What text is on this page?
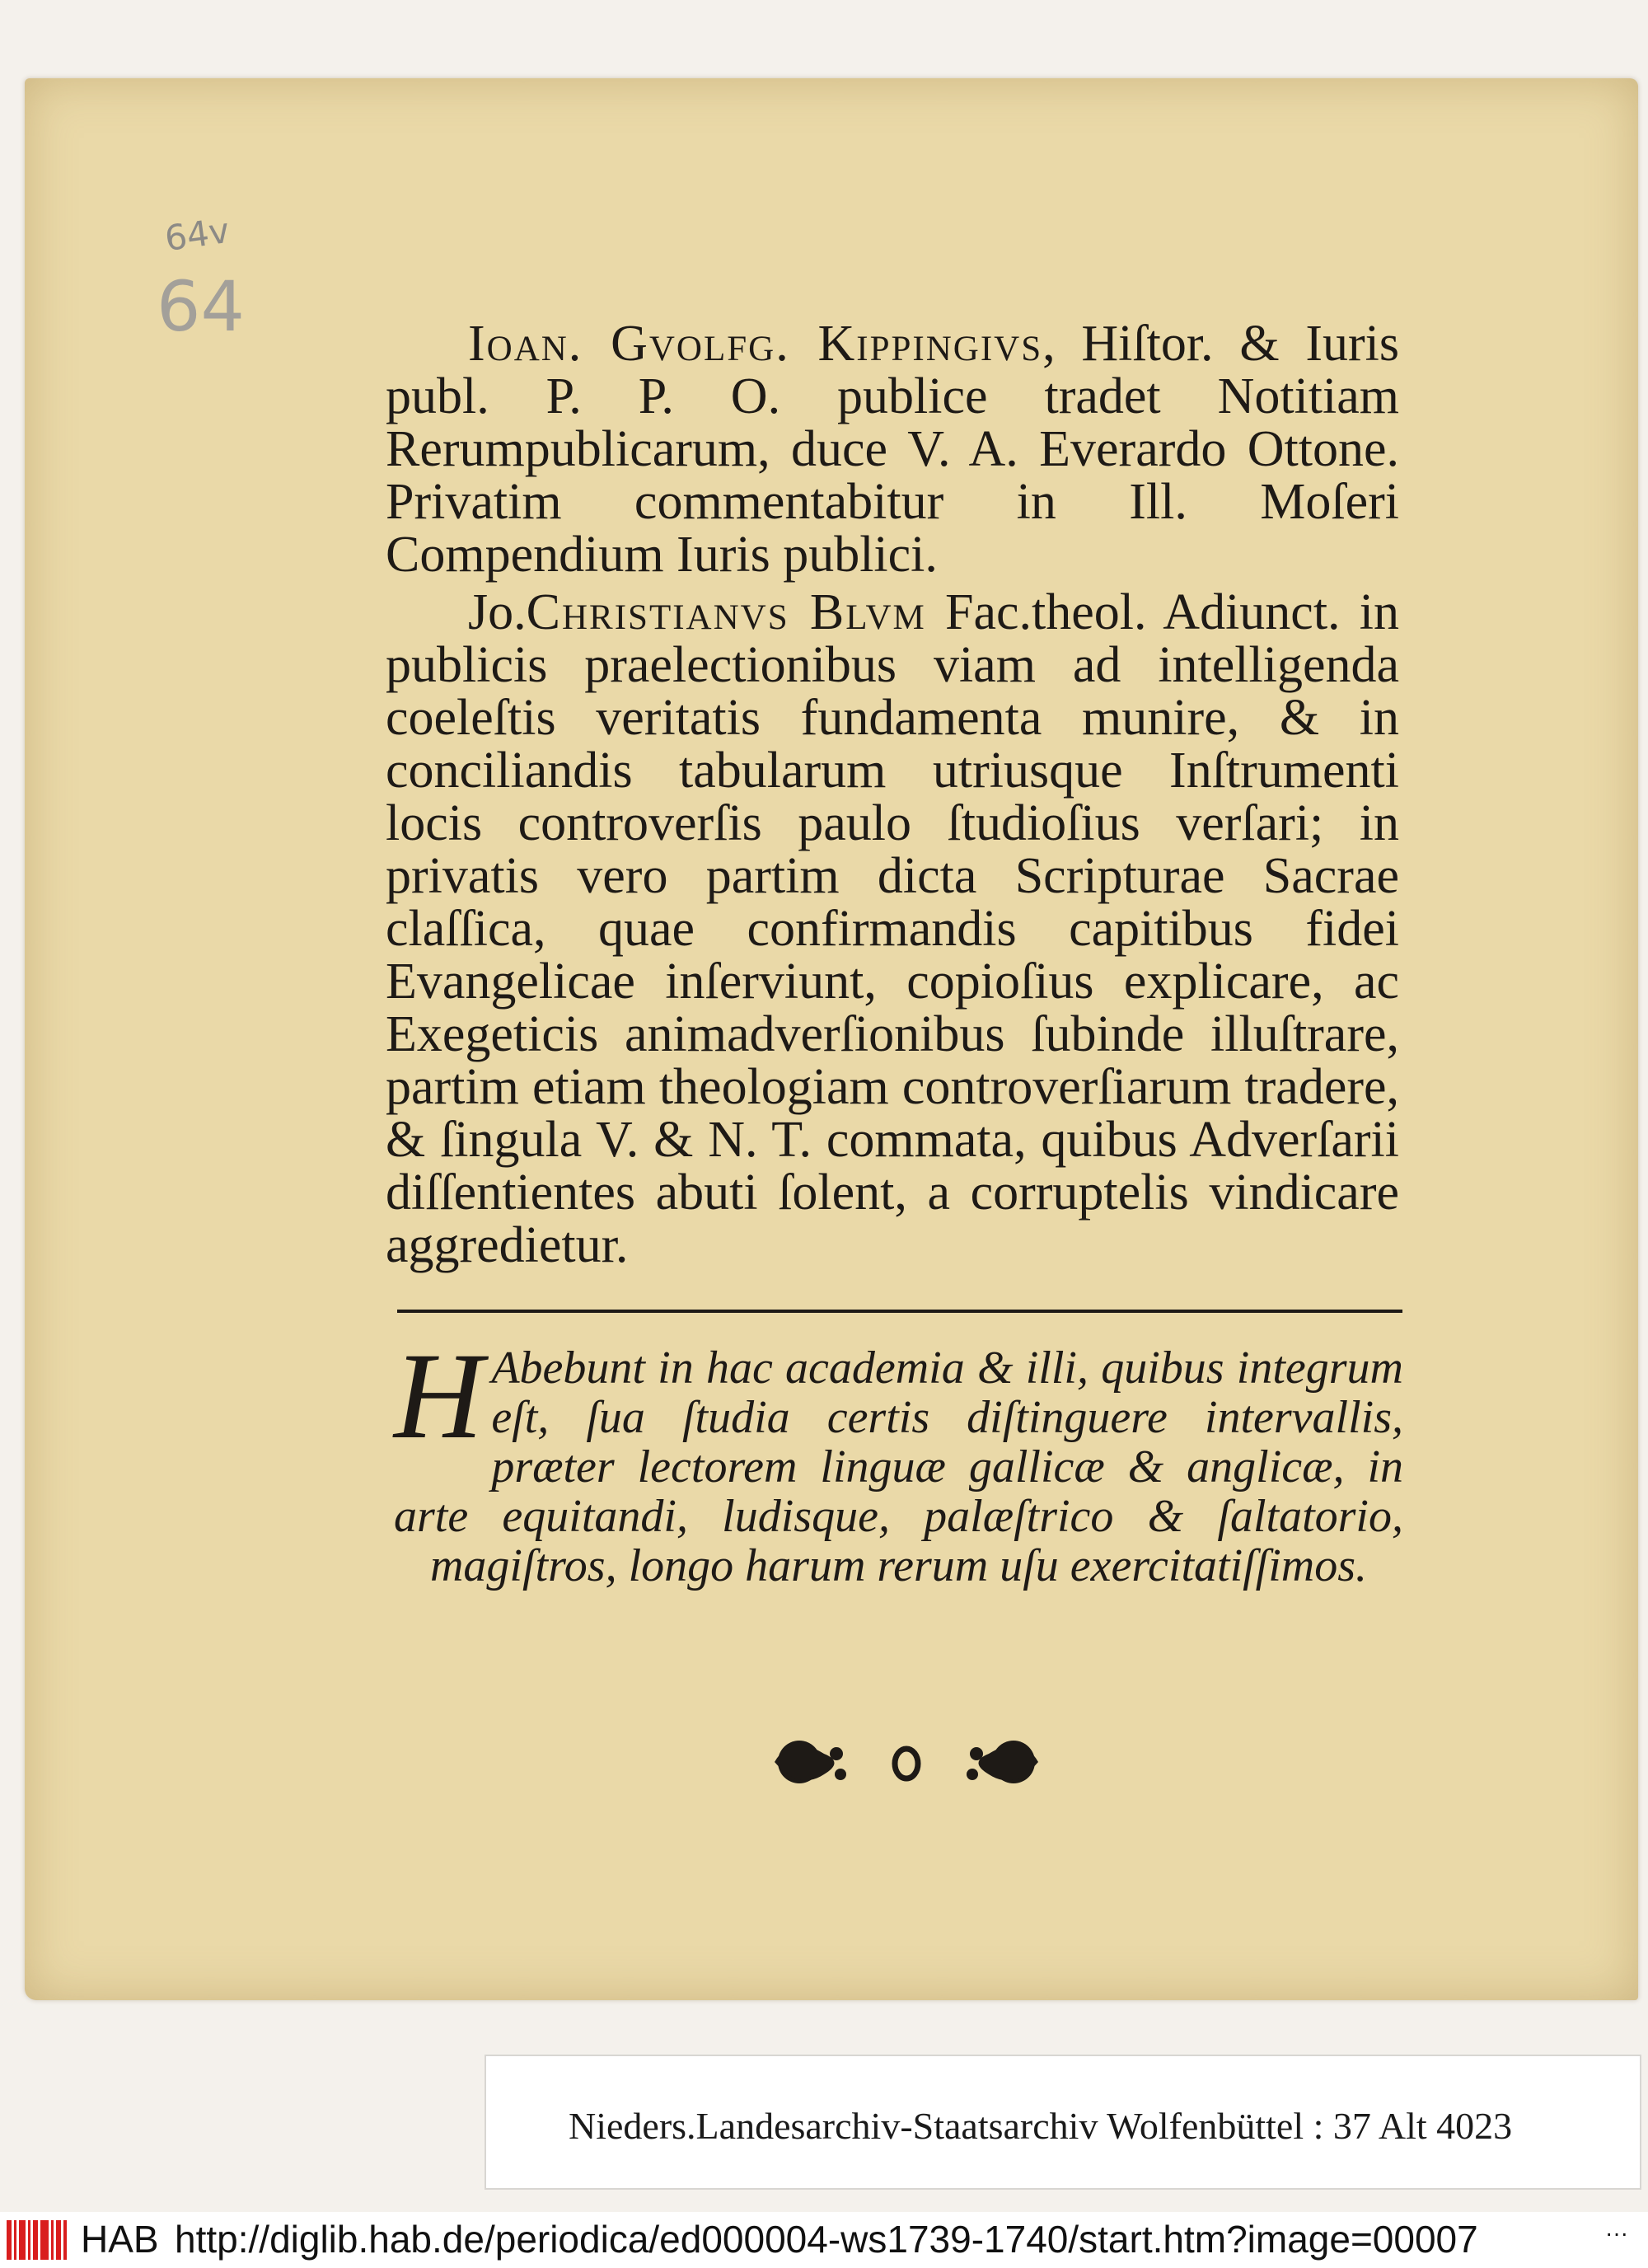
64v
64	Ioan. Gvolfg. Kippingivs, Hiſtor. & Iuris publ. P. P. O. publice tradet Notitiam Rerumpublicarum, duce V. A. Everardo Ottone. Privatim commentabitur in Ill. Moſeri Compendium Iuris publici.

Jo.Christianvs Blvm Fac.theol. Adiunct. in publicis praelectionibus viam ad intelligenda coeleſtis veritatis fundamenta munire, & in conciliandis tabularum utriusque Inſtrumenti locis controverſis paulo ſtudioſius verſari; in privatis vero partim dicta Scripturae Sacrae claſſica, quae confirmandis capitibus fidei Evangelicae inſerviunt, copioſius explicare, ac Exegeticis animadverſionibus ſubinde illuſtrare, partim etiam theologiam controverſiarum tradere, & ſingula V. & N. T. commata, quibus Adverſarii diſſentientes abuti ſolent, a corruptelis vindicare aggredietur.

H Abebunt in hac academia & illi, quibus integrum eſt, ſua ſtudia certis diſtinguere intervallis, præter lectorem linguæ gallicæ & anglicæ, in arte equitandi, ludisque, palæſtrico & ſaltatorio, magiſtros, longo harum rerum uſu exercitatiſſimos.

Nieders.Landesarchiv-Staatsarchiv Wolfenbüttel : 37 Alt 4023
HAB http://diglib.hab.de/periodica/ed000004-ws1739-1740/start.htm?image=00007	···
